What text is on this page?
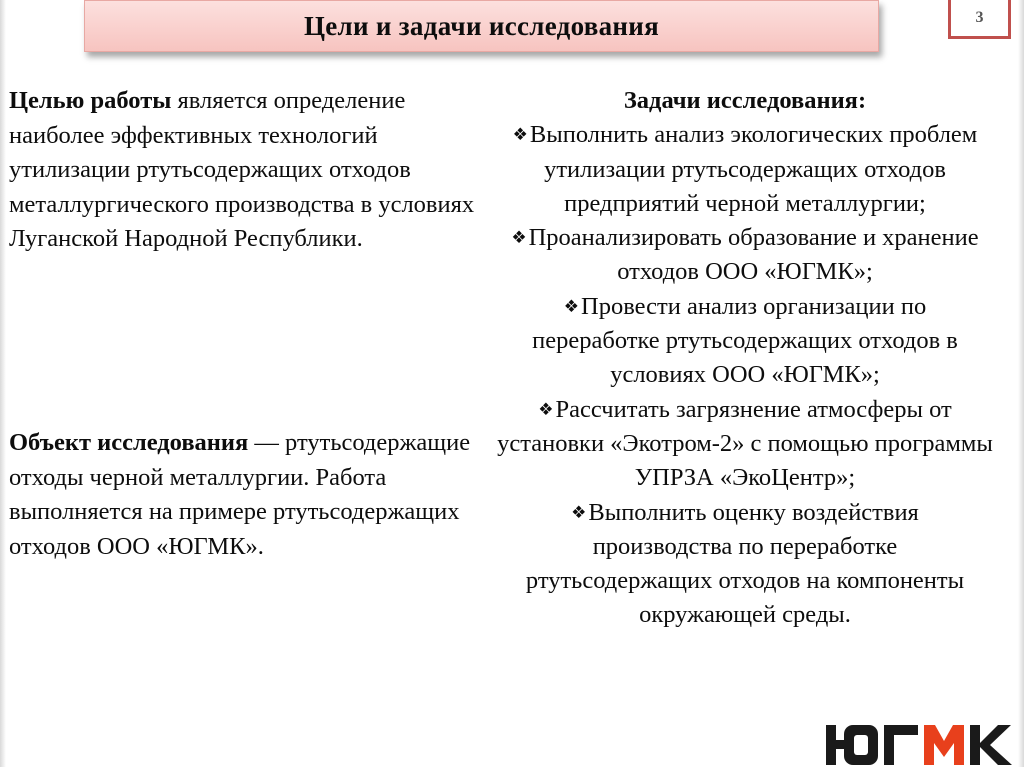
Цели и задачи исследования	3
Целью работы является определение наиболее эффективных технологий утилизации ртутьсодержащих отходов металлургического производства в условиях Луганской Народной Республики.
Объект исследования — ртутьсодержащие отходы черной металлургии. Работа выполняется на примере ртутьсодержащих отходов ООО «ЮГМК».
Задачи исследования:
❖Выполнить анализ экологических проблем
утилизации ртутьсодержащих отходов
предприятий черной металлургии;
❖Проанализировать образование и хранение
отходов ООО «ЮГМК»;
❖Провести анализ организации по
переработке ртутьсодержащих отходов в
условиях ООО «ЮГМК»;
❖Рассчитать загрязнение атмосферы от
установки «Экотром-2» с помощью программы
УПРЗА «ЭкоЦентр»;
❖Выполнить оценку воздействия
производства по переработке
ртутьсодержащих отходов на компоненты
окружающей среды.
